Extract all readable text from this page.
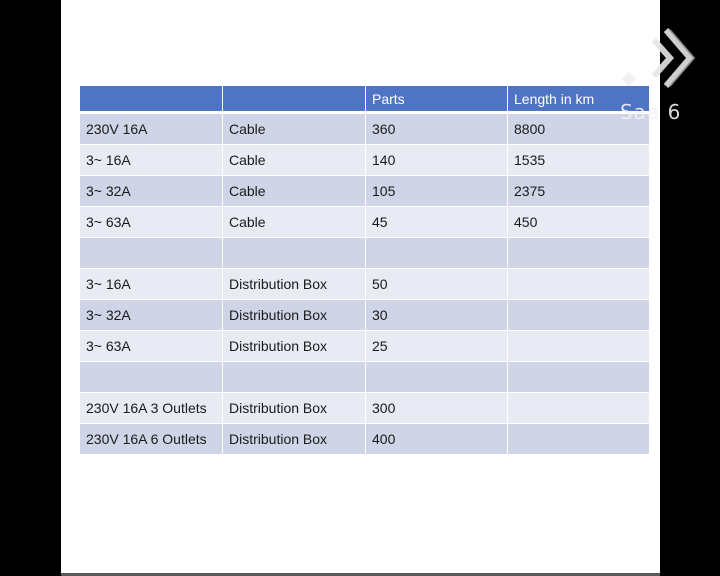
		Parts	Length in km
230V 16A	Cable	360	8800
3~ 16A	Cable	140	1535
3~ 32A	Cable	105	2375
3~ 63A	Cable	45	450

3~ 16A	Distribution Box	50	
3~ 32A	Distribution Box	30	
3~ 63A	Distribution Box	25	

230V 16A 3 Outlets	Distribution Box	300	
230V 16A 6 Outlets	Distribution Box	400	
Saa 6
